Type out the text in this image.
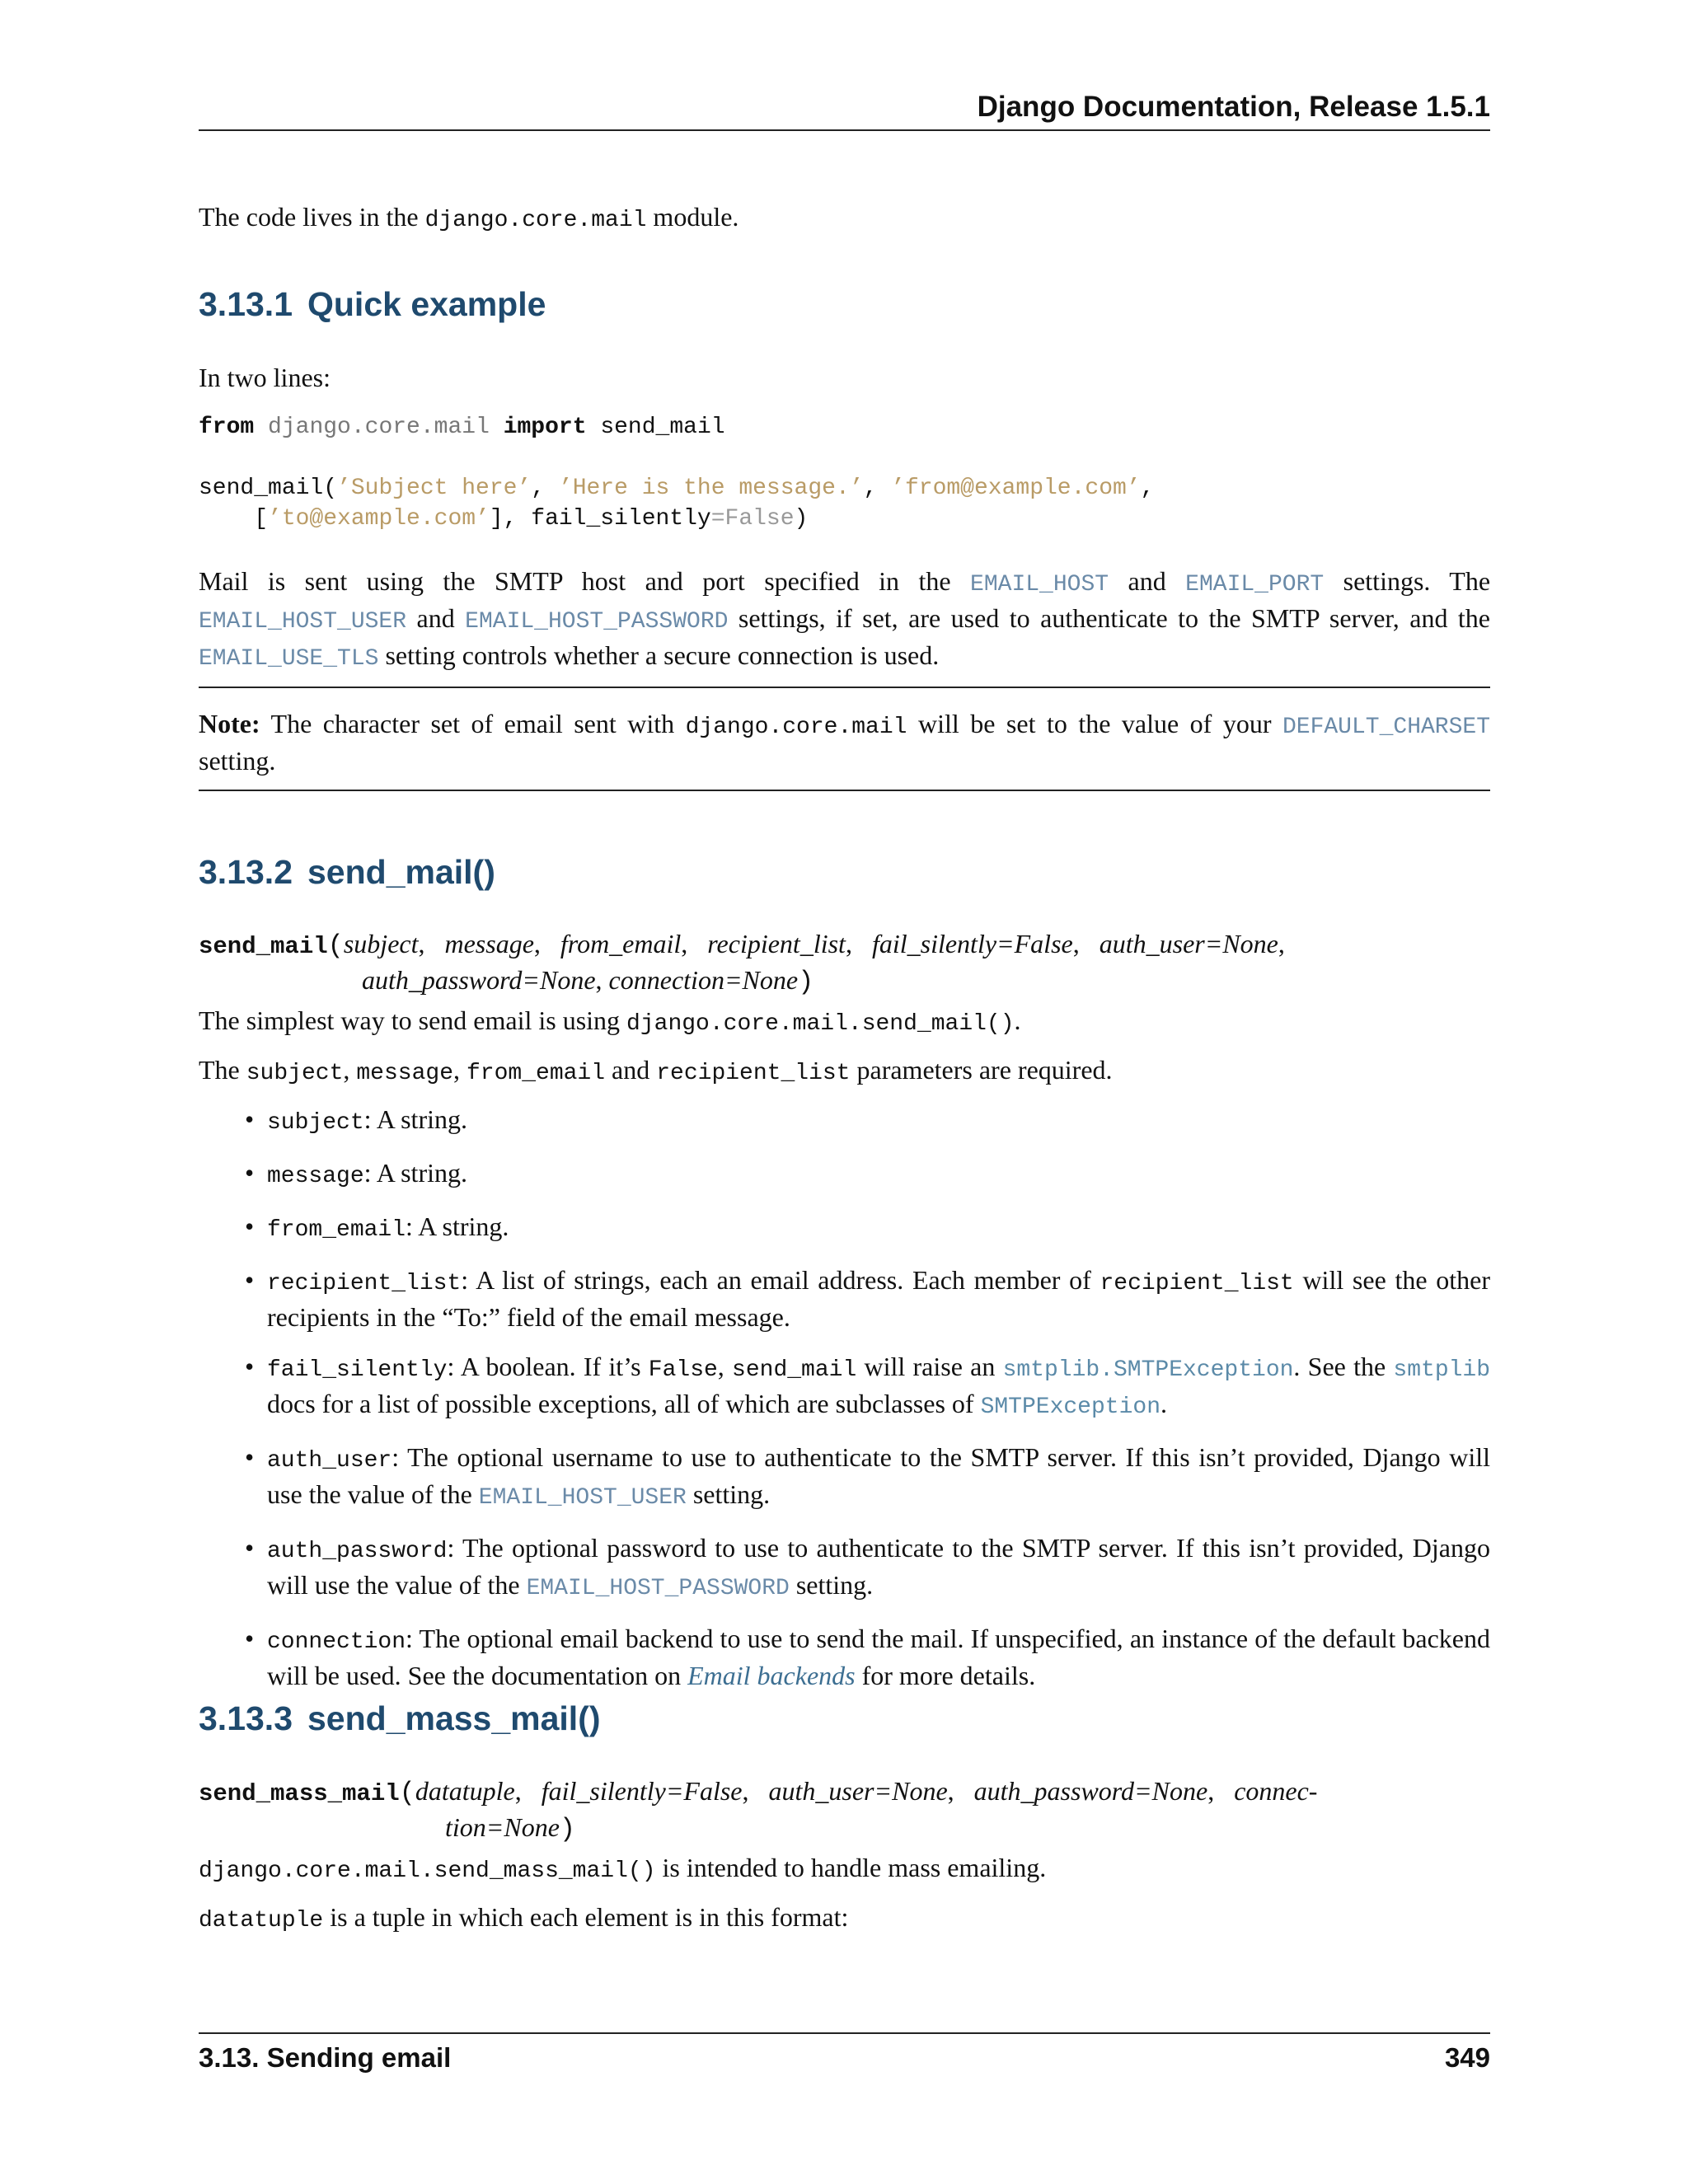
Django Documentation, Release 1.5.1
The code lives in the django.core.mail module.
3.13.1 Quick example
In two lines:
from django.core.mail import send_mail

send_mail(’Subject here’, ’Here is the message.’, ’from@example.com’,
[’to@example.com’], fail_silently=False)
Mail is sent using the SMTP host and port specified in the EMAIL_HOST and EMAIL_PORT settings. The EMAIL_HOST_USER and EMAIL_HOST_PASSWORD settings, if set, are used to authenticate to the SMTP server, and the EMAIL_USE_TLS setting controls whether a secure connection is used.
Note: The character set of email sent with django.core.mail will be set to the value of your DEFAULT_CHARSET setting.
3.13.2 send_mail()
send_mail(subject,   message,   from_email,   recipient_list,   fail_silently=False,   auth_user=None,
auth_password=None, connection=None)
The simplest way to send email is using django.core.mail.send_mail().
The subject, message, from_email and recipient_list parameters are required.
• subject: A string.
• message: A string.
• from_email: A string.
• recipient_list: A list of strings, each an email address. Each member of recipient_list will see the other recipients in the “To:” field of the email message.
• fail_silently: A boolean. If it’s False, send_mail will raise an smtplib.SMTPException. See the smtplib docs for a list of possible exceptions, all of which are subclasses of SMTPException.
• auth_user: The optional username to use to authenticate to the SMTP server. If this isn’t provided, Django will use the value of the EMAIL_HOST_USER setting.
• auth_password: The optional password to use to authenticate to the SMTP server. If this isn’t provided, Django will use the value of the EMAIL_HOST_PASSWORD setting.
• connection: The optional email backend to use to send the mail. If unspecified, an instance of the default backend will be used. See the documentation on Email backends for more details.
3.13.3 send_mass_mail()
send_mass_mail(datatuple,   fail_silently=False,   auth_user=None,   auth_password=None,   connec-
tion=None)
django.core.mail.send_mass_mail() is intended to handle mass emailing.
datatuple is a tuple in which each element is in this format:
3.13. Sending email	349
